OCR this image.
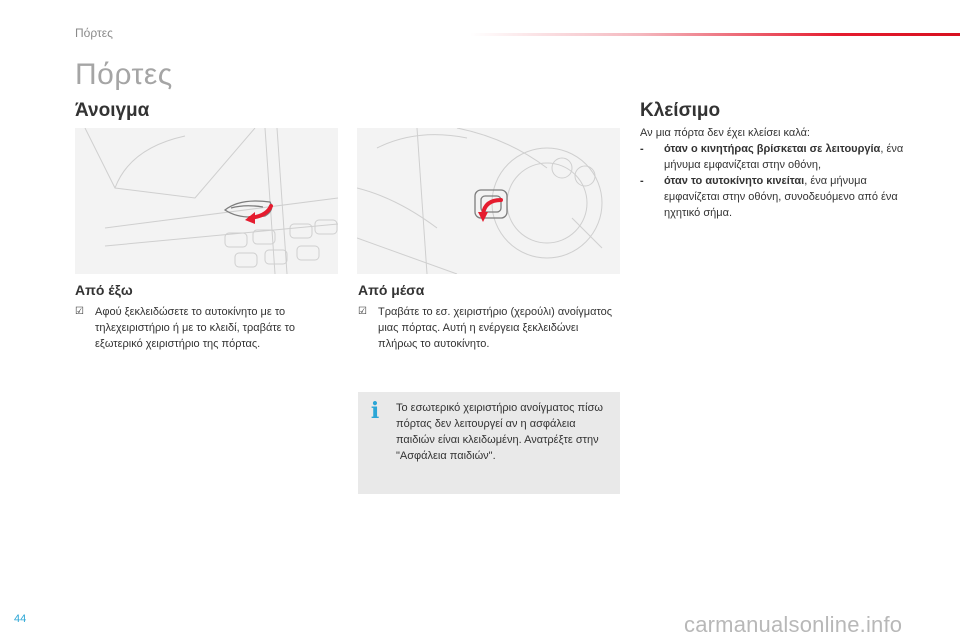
Πόρτες
Πόρτες
Άνοιγμα
Από έξω
☑	Αφού ξεκλειδώσετε το αυτοκίνητο με το τηλεχειριστήριο ή με το κλειδί, τραβάτε το εξωτερικό χειριστήριο της πόρτας.
Από μέσα
☑	Τραβάτε το εσ. χειριστήριο (χερούλι) ανοίγματος μιας πόρτας. Αυτή η ενέργεια ξεκλειδώνει πλήρως το αυτοκίνητο.
i Το εσωτερικό χειριστήριο ανοίγματος πίσω πόρτας δεν λειτουργεί αν η ασφάλεια παιδιών είναι κλειδωμένη. Ανατρέξτε στην "Ασφάλεια παιδιών".
Κλείσιμο
Αν μια πόρτα δεν έχει κλείσει καλά:
-	όταν ο κινητήρας βρίσκεται σε λειτουργία, ένα μήνυμα εμφανίζεται στην οθόνη,
-	όταν το αυτοκίνητο κινείται, ένα μήνυμα εμφανίζεται στην οθόνη, συνοδευόμενο από ένα ηχητικό σήμα.
44	carmanualsonline.info
